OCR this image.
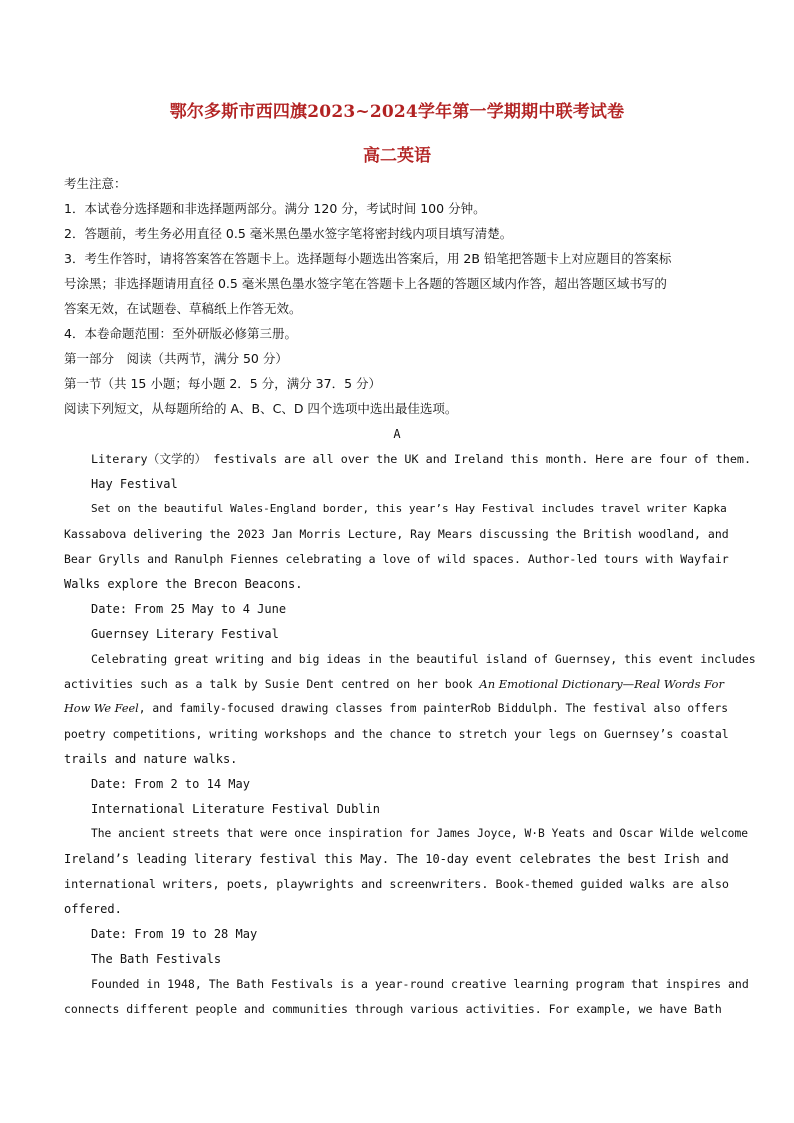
鄂尔多斯市西四旗2023~2024学年第一学期期中联考试卷
高二英语
考生注意：
1．本试卷分选择题和非选择题两部分。满分 120 分，考试时间 100 分钟。
2．答题前，考生务必用直径 0.5 毫米黑色墨水签字笔将密封线内项目填写清楚。
3．考生作答时，请将答案答在答题卡上。选择题每小题选出答案后，用 2B 铅笔把答题卡上对应题目的答案标
号涂黑；非选择题请用直径 0.5 毫米黑色墨水签字笔在答题卡上各题的答题区域内作答，超出答题区域书写的
答案无效，在试题卷、草稿纸上作答无效。
4．本卷命题范围：至外研版必修第三册。
第一部分　阅读（共两节，满分 50 分）
第一节（共 15 小题；每小题 2．5 分，满分 37．5 分）
阅读下列短文，从每题所给的 A、B、C、D 四个选项中选出最佳选项。
A
Literary（文学的） festivals are all over the UK and Ireland this month. Here are four of them.
Hay Festival
Set on the beautiful Wales-England border, this year’s Hay Festival includes travel writer Kapka
Kassabova delivering the 2023 Jan Morris Lecture, Ray Mears discussing the British woodland, and
Bear Grylls and Ranulph Fiennes celebrating a love of wild spaces. Author-led tours with Wayfair
Walks explore the Brecon Beacons.
Date: From 25 May to 4 June
Guernsey Literary Festival
Celebrating great writing and big ideas in the beautiful island of Guernsey, this event includes
activities such as a talk by Susie Dent centred on her book An Emotional Dictionary—Real Words For
How We Feel, and family-focused drawing classes from painterRob Biddulph. The festival also offers
poetry competitions, writing workshops and the chance to stretch your legs on Guernsey’s coastal
trails and nature walks.
Date: From 2 to 14 May
International Literature Festival Dublin
The ancient streets that were once inspiration for James Joyce, W·B Yeats and Oscar Wilde welcome
Ireland’s leading literary festival this May. The 10-day event celebrates the best Irish and
international writers, poets, playwrights and screenwriters. Book-themed guided walks are also
offered.
Date: From 19 to 28 May
The Bath Festivals
Founded in 1948, The Bath Festivals is a year-round creative learning program that inspires and
connects different people and communities through various activities. For example, we have Bath
